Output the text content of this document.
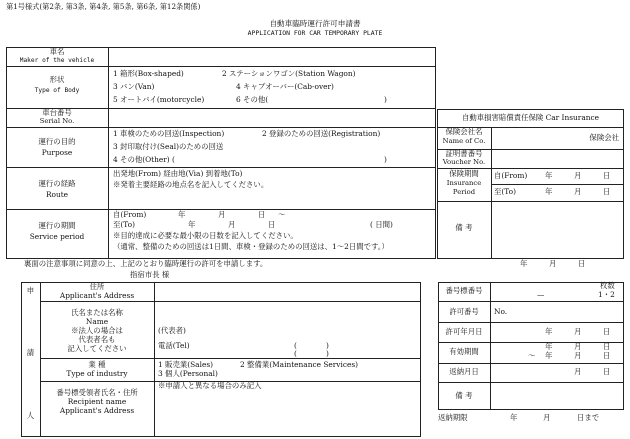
第1号様式(第2条, 第3条, 第4条, 第5条, 第6条, 第12条関係)
自動車臨時運行許可申請書
APPLICATION FOR CAR TEMPORARY PLATE
車名
Maker of the vehicle
形状
Type of Body
1 箱形(Box-shaped)	2 ステーションワゴン(Station Wagon)
3 バン(Van)	4 キャブオーバー(Cab-over)
5 オートバイ(motorcycle)	6 その他(	)
車台番号
Serial No.
運行の目的
Purpose
1 車検のための回送(Inspection)	2 登録のための回送(Registration)
3 封印取付け(Seal)のための回送
4 その他(Other) (	)
運行の経路
Route
出発地(From) 経由地(Via) 到着地(To)
※発着主要経路の地点名を記入してください。
運行の期間
Service period
自(From)	年	月	日 〜
至(To)	年	月	日	( 日間)
※目的達成に必要な最小限の日数を記入してください。
（通常、整備のための回送は1日間、車検・登録のための回送は、1〜2日間です。）
自動車損害賠償責任保険 Car Insurance
保険会社名
Name of Co.	保険会社
証明書番号
Voucher No.
保険期間
Insurance
Period
自(From) 年	月	日
至(To)	年	月	日
備 考
裏面の注意事項に同意の上、上記のとおり臨時運行の許可を申請します。	年	月	日
指宿市長 様
申
請
人
住所
Applicant's Address
氏名または名称
Name
※法人の場合は
代表者名も
記入してください
(代表者)
電話(Tel)	(	)
(	)
業 種
Type of industry
1 販売業(Sales)	2 整備業(Maintenance Services)
3 個人(Personal)
番号標受領者氏名・住所
Recipient name
Applicant's Address
※申請人と異なる場合のみ記入
番号標番号
枚数
—	1・2
許可番号	No.
許可年月日	年	月	日
有効期間
年	月	日
〜 年	月	日
返納月日	月	日
備 考
返納期限	年	月	日まで
